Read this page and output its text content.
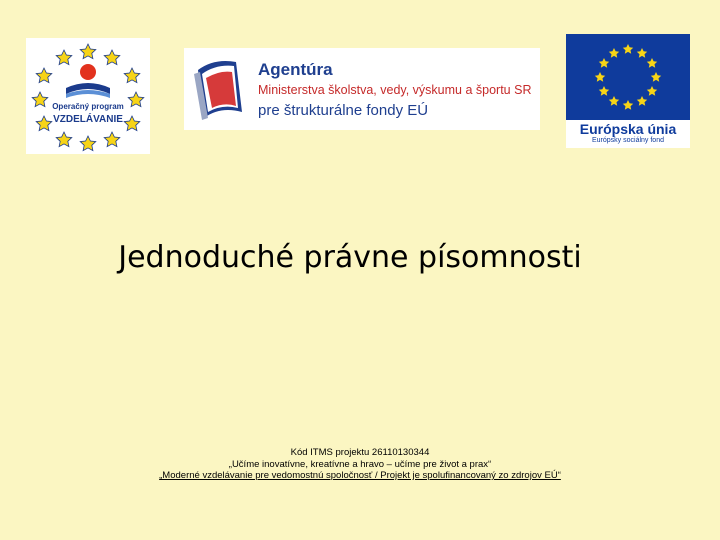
Operačný program
VZDELÁVANIE
Agentúra
Ministerstva školstva, vedy, výskumu a športu SR
pre štrukturálne fondy EÚ
Európska únia
Európsky sociálny fond
Jednoduché právne písomnosti
Kód ITMS projektu 26110130344
„Učíme inovatívne, kreatívne a hravo – učíme pre život a prax“
„Moderné vzdelávanie pre vedomostnú spoločnosť / Projekt je spolufinancovaný zo zdrojov EÚ“
